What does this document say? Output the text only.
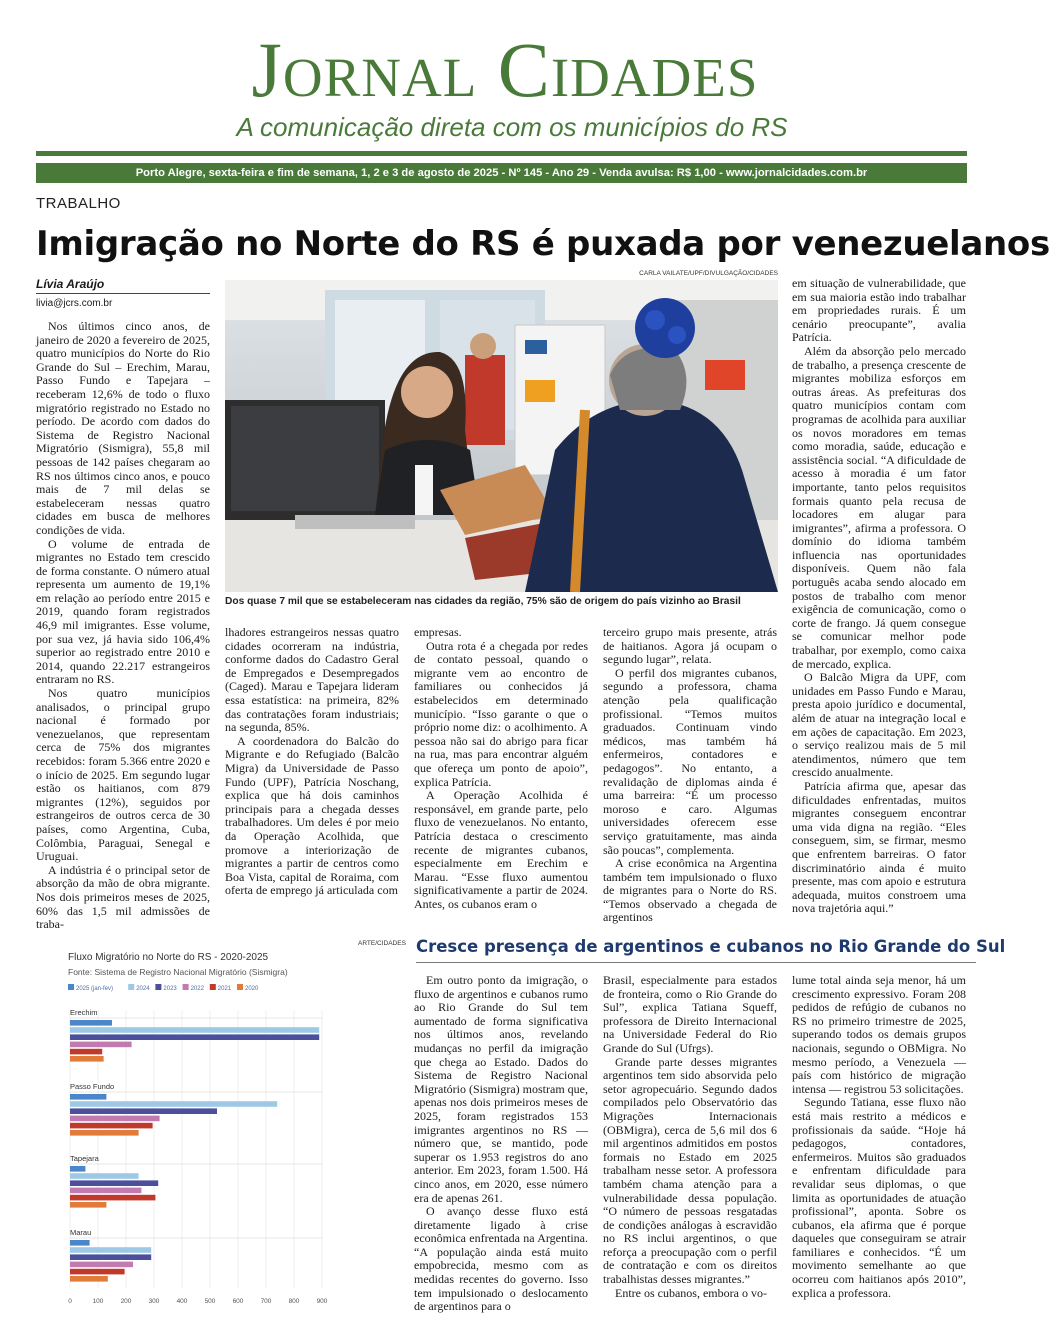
Jornal Cidades
A comunicação direta com os municípios do RS
Porto Alegre, sexta-feira e fim de semana, 1, 2 e 3 de agosto de 2025 - Nº 145 - Ano 29 - Venda avulsa: R$ 1,00 - www.jornalcidades.com.br
TRABALHO
Imigração no Norte do RS é puxada por venezuelanos
Lívia Araújo
livia@jcrs.com.br

Nos últimos cinco anos, de janeiro de 2020 a fevereiro de 2025, quatro municípios do Norte do Rio Grande do Sul – Erechim, Marau, Passo Fundo e Tapejara – receberam 12,6% de todo o fluxo migratório registrado no Estado no período. De acordo com dados do Sistema de Registro Nacional Migratório (Sismigra), 55,8 mil pessoas de 142 países chegaram ao RS nos últimos cinco anos, e pouco mais de 7 mil delas se estabeleceram nessas quatro cidades em busca de melhores condições de vida.

O volume de entrada de migrantes no Estado tem crescido de forma constante. O número atual representa um aumento de 19,1% em relação ao período entre 2015 e 2019, quando foram registrados 46,9 mil imigrantes. Esse volume, por sua vez, já havia sido 106,4% superior ao registrado entre 2010 e 2014, quando 22.217 estrangeiros entraram no RS.

Nos quatro municípios analisados, o principal grupo nacional é formado por venezuelanos, que representam cerca de 75% dos migrantes recebidos: foram 5.366 entre 2020 e o início de 2025. Em segundo lugar estão os haitianos, com 879 migrantes (12%), seguidos por estrangeiros de outros cerca de 30 países, como Argentina, Cuba, Colômbia, Paraguai, Senegal e Uruguai.

A indústria é o principal setor de absorção da mão de obra migrante. Nos dois primeiros meses de 2025, 60% das 1,5 mil admissões de traba-

CARLA VAILATE/UPF/DIVULGAÇÃO/CIDADES
Dos quase 7 mil que se estabeleceram nas cidades da região, 75% são de origem do país vizinho ao Brasil

lhadores estrangeiros nessas quatro cidades ocorreram na indústria, conforme dados do Cadastro Geral de Empregados e Desempregados (Caged). Marau e Tapejara lideram essa estatística: na primeira, 82% das contratações foram industriais; na segunda, 85%.

A coordenadora do Balcão do Migrante e do Refugiado (Balcão Migra) da Universidade de Passo Fundo (UPF), Patrícia Noschang, explica que há dois caminhos principais para a chegada desses trabalhadores. Um deles é por meio da Operação Acolhida, que promove a interiorização de migrantes a partir de centros como Boa Vista, capital de Roraima, com oferta de emprego já articulada com

empresas.

Outra rota é a chegada por redes de contato pessoal, quando o migrante vem ao encontro de familiares ou conhecidos já estabelecidos em determinado município. “Isso garante o que o próprio nome diz: o acolhimento. A pessoa não sai do abrigo para ficar na rua, mas para encontrar alguém que ofereça um ponto de apoio”, explica Patrícia.

A Operação Acolhida é responsável, em grande parte, pelo fluxo de venezuelanos. No entanto, Patrícia destaca o crescimento recente de migrantes cubanos, especialmente em Erechim e Marau. “Esse fluxo aumentou significativamente a partir de 2024. Antes, os cubanos eram o

terceiro grupo mais presente, atrás de haitianos. Agora já ocupam o segundo lugar”, relata.

O perfil dos migrantes cubanos, segundo a professora, chama atenção pela qualificação profissional. “Temos muitos graduados. Continuam vindo médicos, mas também há enfermeiros, contadores e pedagogos”. No entanto, a revalidação de diplomas ainda é uma barreira: “É um processo moroso e caro. Algumas universidades oferecem esse serviço gratuitamente, mas ainda são poucas”, complementa.

A crise econômica na Argentina também tem impulsionado o fluxo de migrantes para o Norte do RS. “Temos observado a chegada de argentinos

em situação de vulnerabilidade, que em sua maioria estão indo trabalhar em propriedades rurais. É um cenário preocupante”, avalia Patrícia.

Além da absorção pelo mercado de trabalho, a presença crescente de migrantes mobiliza esforços em outras áreas. As prefeituras dos quatro municípios contam com programas de acolhida para auxiliar os novos moradores em temas como moradia, saúde, educação e assistência social. “A dificuldade de acesso à moradia é um fator importante, tanto pelos requisitos formais quanto pela recusa de locadores em alugar para imigrantes”, afirma a professora. O domínio do idioma também influencia nas oportunidades disponíveis. Quem não fala português acaba sendo alocado em postos de trabalho com menor exigência de comunicação, como o corte de frango. Já quem consegue se comunicar melhor pode trabalhar, por exemplo, como caixa de mercado, explica.

O Balcão Migra da UPF, com unidades em Passo Fundo e Marau, presta apoio jurídico e documental, além de atuar na integração local e em ações de capacitação. Em 2023, o serviço realizou mais de 5 mil atendimentos, número que tem crescido anualmente.

Patrícia afirma que, apesar das dificuldades enfrentadas, muitos migrantes conseguem encontrar uma vida digna na região. “Eles conseguem, sim, se firmar, mesmo que enfrentem barreiras. O fator discriminatório ainda é muito presente, mas com apoio e estrutura adequada, muitos constroem uma nova trajetória aqui.”

ARTE/CIDADES
Fluxo Migratório no Norte do RS - 2020-2025
Fonte: Sistema de Registro Nacional Migratório (Sismigra)
2025 (jan-fev)	2024 2023 2022 2021 2020
0	100	200	300	400	500	600	700	800	900
Erechim
Passo Fundo
Tapejara
Marau
Cresce presença de argentinos e cubanos no Rio Grande do Sul

Em outro ponto da imigração, o fluxo de argentinos e cubanos rumo ao Rio Grande do Sul tem aumentado de forma significativa nos últimos anos, revelando mudanças no perfil da imigração que chega ao Estado. Dados do Sistema de Registro Nacional Migratório (Sismigra) mostram que, apenas nos dois primeiros meses de 2025, foram registrados 153 imigrantes argentinos no RS — número que, se mantido, pode superar os 1.953 registros do ano anterior. Em 2023, foram 1.500. Há cinco anos, em 2020, esse número era de apenas 261.

O avanço desse fluxo está diretamente ligado à crise econômica enfrentada na Argentina. “A população ainda está muito empobrecida, mesmo com as medidas recentes do governo. Isso tem impulsionado o deslocamento de argentinos para o

Brasil, especialmente para estados de fronteira, como o Rio Grande do Sul”, explica Tatiana Squeff, professora de Direito Internacional na Universidade Federal do Rio Grande do Sul (Ufrgs).

Grande parte desses migrantes argentinos tem sido absorvida pelo setor agropecuário. Segundo dados compilados pelo Observatório das Migrações Internacionais (OBMigra), cerca de 5,6 mil dos 6 mil argentinos admitidos em postos formais no Estado em 2025 trabalham nesse setor. A professora também chama atenção para a vulnerabilidade dessa população. “O número de pessoas resgatadas de condições análogas à escravidão no RS inclui argentinos, o que reforça a preocupação com o perfil de contratação e com os direitos trabalhistas desses migrantes.”

Entre os cubanos, embora o vo-

lume total ainda seja menor, há um crescimento expressivo. Foram 208 pedidos de refúgio de cubanos no RS no primeiro trimestre de 2025, superando todos os demais grupos nacionais, segundo o OBMigra. No mesmo período, a Venezuela — país com histórico de migração intensa — registrou 53 solicitações.

Segundo Tatiana, esse fluxo não está mais restrito a médicos e profissionais da saúde. “Hoje há pedagogos, contadores, enfermeiros. Muitos são graduados e enfrentam dificuldade para revalidar seus diplomas, o que limita as oportunidades de atuação profissional”, aponta. Sobre os cubanos, ela afirma que é porque daqueles que conseguiram se atrair familiares e conhecidos. “É um movimento semelhante ao que ocorreu com haitianos após 2010”, explica a professora.
